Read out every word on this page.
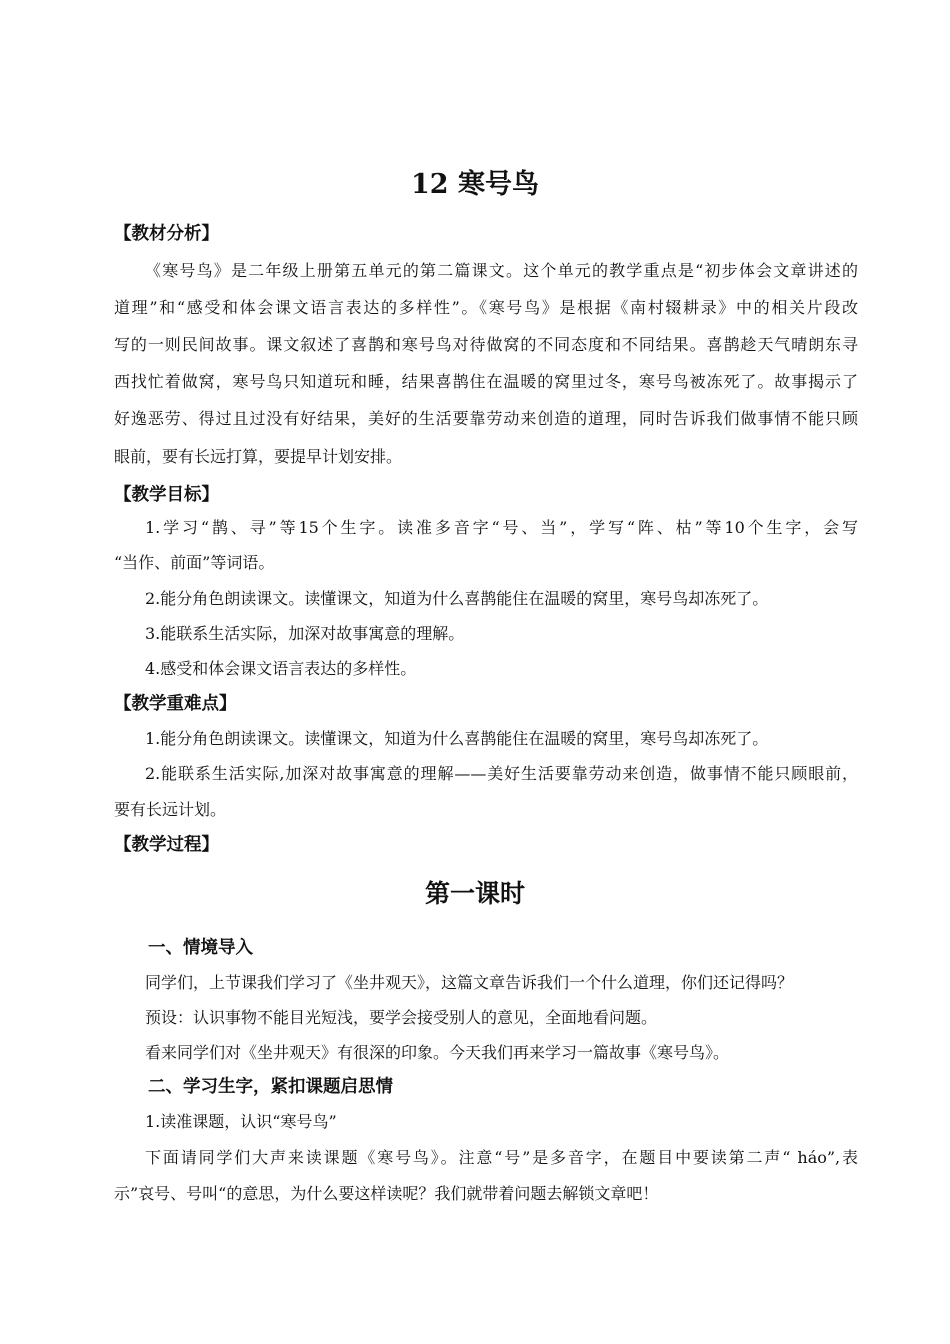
12 寒号鸟
【教材分析】
《寒号鸟》是二年级上册第五单元的第二篇课文。这个单元的教学重点是“初步体会文章讲述的
道理”和“感受和体会课文语言表达的多样性”。《寒号鸟》是根据《南村辍耕录》中的相关片段改
写的一则民间故事。课文叙述了喜鹊和寒号鸟对待做窝的不同态度和不同结果。喜鹊趁天气晴朗东寻
西找忙着做窝，寒号鸟只知道玩和睡，结果喜鹊住在温暖的窝里过冬，寒号鸟被冻死了。故事揭示了
好逸恶劳、得过且过没有好结果，美好的生活要靠劳动来创造的道理，同时告诉我们做事情不能只顾
眼前，要有长远打算，要提早计划安排。
【教学目标】
1.学习“鹊、寻”等15个生字。读准多音字“号、当”，学写“阵、枯”等10个生字，会写
“当作、前面”等词语。
2.能分角色朗读课文。读懂课文，知道为什么喜鹊能住在温暖的窝里，寒号鸟却冻死了。
3.能联系生活实际，加深对故事寓意的理解。
4.感受和体会课文语言表达的多样性。
【教学重难点】
1.能分角色朗读课文。读懂课文，知道为什么喜鹊能住在温暖的窝里，寒号鸟却冻死了。
2.能联系生活实际,加深对故事寓意的理解——美好生活要靠劳动来创造，做事情不能只顾眼前，
要有长远计划。
【教学过程】
第一课时
一、情境导入
同学们，上节课我们学习了《坐井观天》，这篇文章告诉我们一个什么道理，你们还记得吗？
预设：认识事物不能目光短浅，要学会接受别人的意见，全面地看问题。
看来同学们对《坐井观天》有很深的印象。今天我们再来学习一篇故事《寒号鸟》。
二、学习生字，紧扣课题启思情
1.读准课题，认识“寒号鸟”
下面请同学们大声来读课题《寒号鸟》。注意“号”是多音字，在题目中要读第二声“ háo”,表
示”哀号、号叫“的意思，为什么要这样读呢？我们就带着问题去解锁文章吧！
